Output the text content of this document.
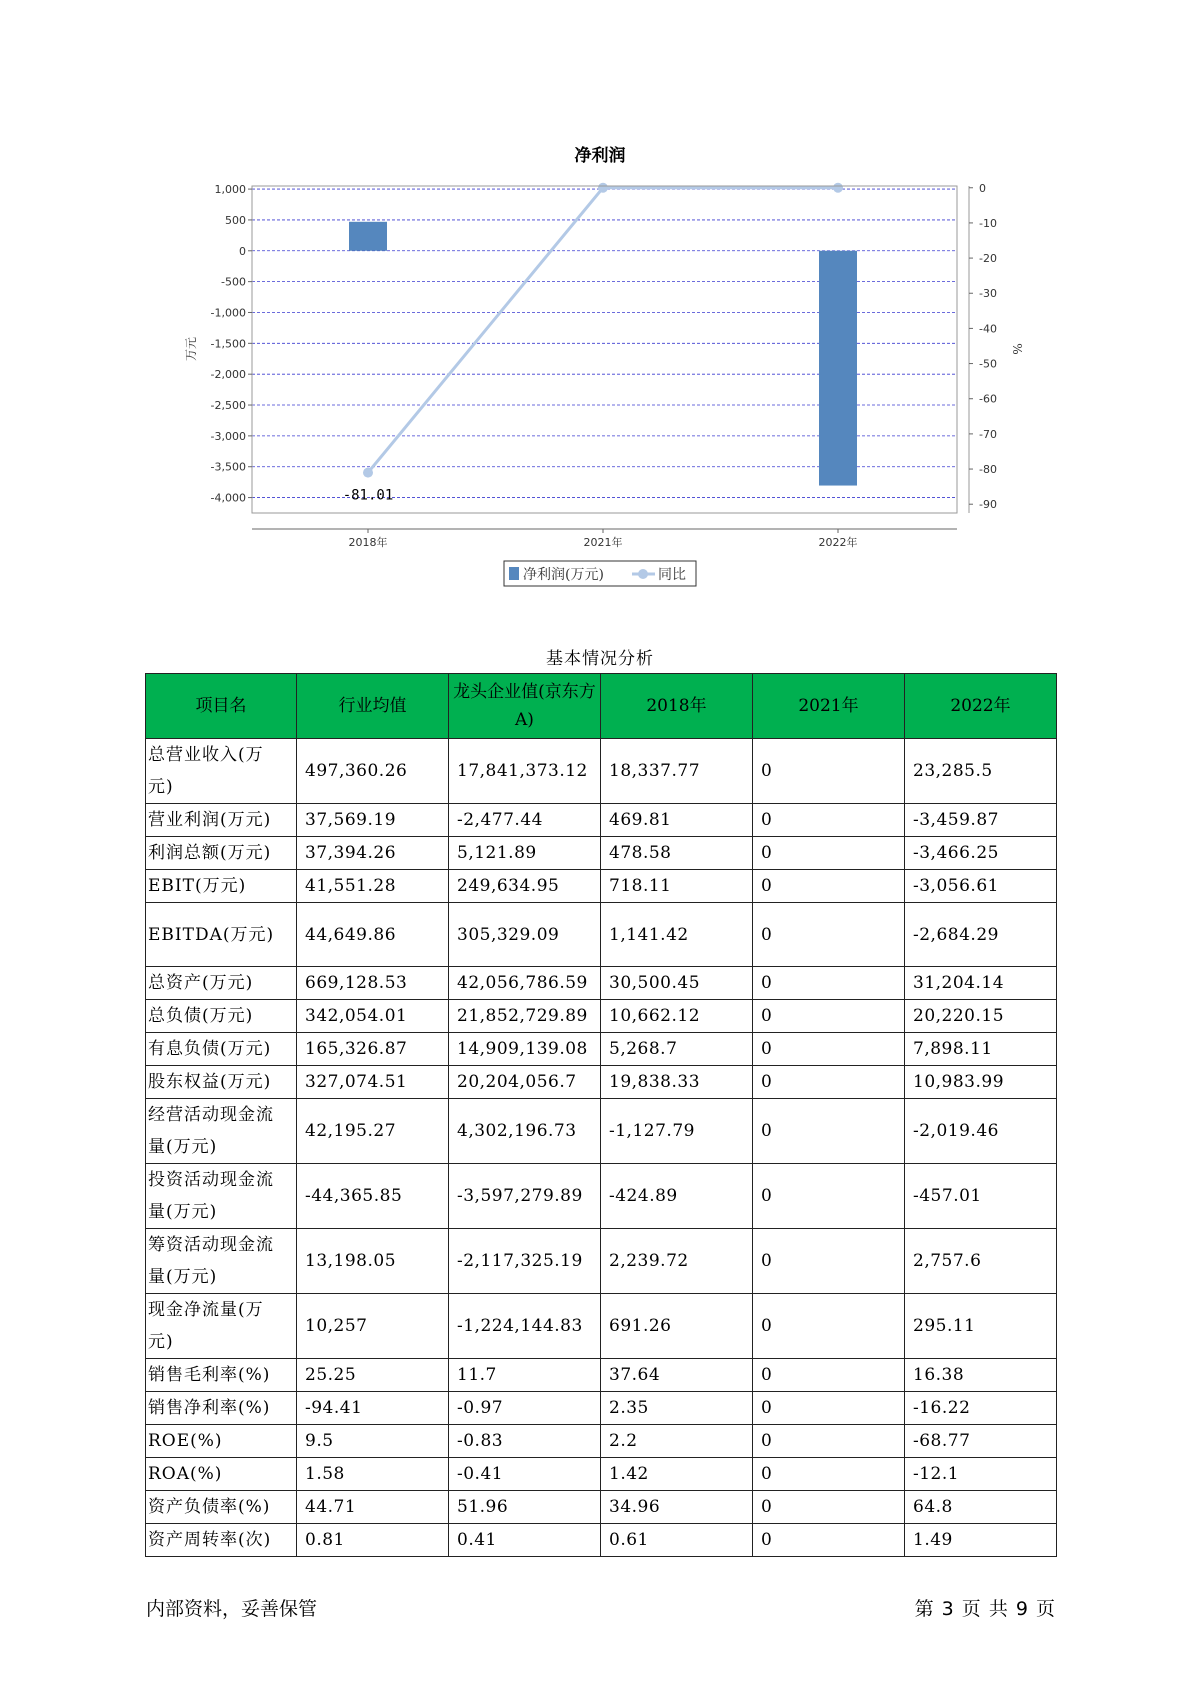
净利润
1,000
500
0
-500
-1,000
-1,500
-2,000
-2,500
-3,000
-3,500
-4,000
0
-10
-20
-30
-40
-50
-60
-70
-80
-90
万元	%
2018年	2021年	2022年
-81.01
净利润(万元)	同比
基本情况分析
项目名	行业均值	龙头企业值(京东方A)	2018年	2021年	2022年
总营业收入(万元)	497,360.26	17,841,373.12	18,337.77	0	23,285.5
营业利润(万元)	37,569.19	-2,477.44	469.81	0	-3,459.87
利润总额(万元)	37,394.26	5,121.89	478.58	0	-3,466.25
EBIT(万元)	41,551.28	249,634.95	718.11	0	-3,056.61
EBITDA(万元)	44,649.86	305,329.09	1,141.42	0	-2,684.29
总资产(万元)	669,128.53	42,056,786.59	30,500.45	0	31,204.14
总负债(万元)	342,054.01	21,852,729.89	10,662.12	0	20,220.15
有息负债(万元)	165,326.87	14,909,139.08	5,268.7	0	7,898.11
股东权益(万元)	327,074.51	20,204,056.7	19,838.33	0	10,983.99
经营活动现金流量(万元)	42,195.27	4,302,196.73	-1,127.79	0	-2,019.46
投资活动现金流量(万元)	-44,365.85	-3,597,279.89	-424.89	0	-457.01
筹资活动现金流量(万元)	13,198.05	-2,117,325.19	2,239.72	0	2,757.6
现金净流量(万元)	10,257	-1,224,144.83	691.26	0	295.11
销售毛利率(%)	25.25	11.7	37.64	0	16.38
销售净利率(%)	-94.41	-0.97	2.35	0	-16.22
ROE(%)	9.5	-0.83	2.2	0	-68.77
ROA(%)	1.58	-0.41	1.42	0	-12.1
资产负债率(%)	44.71	51.96	34.96	0	64.8
资产周转率(次)	0.81	0.41	0.61	0	1.49
内部资料，妥善保管	第 3 页 共 9 页
